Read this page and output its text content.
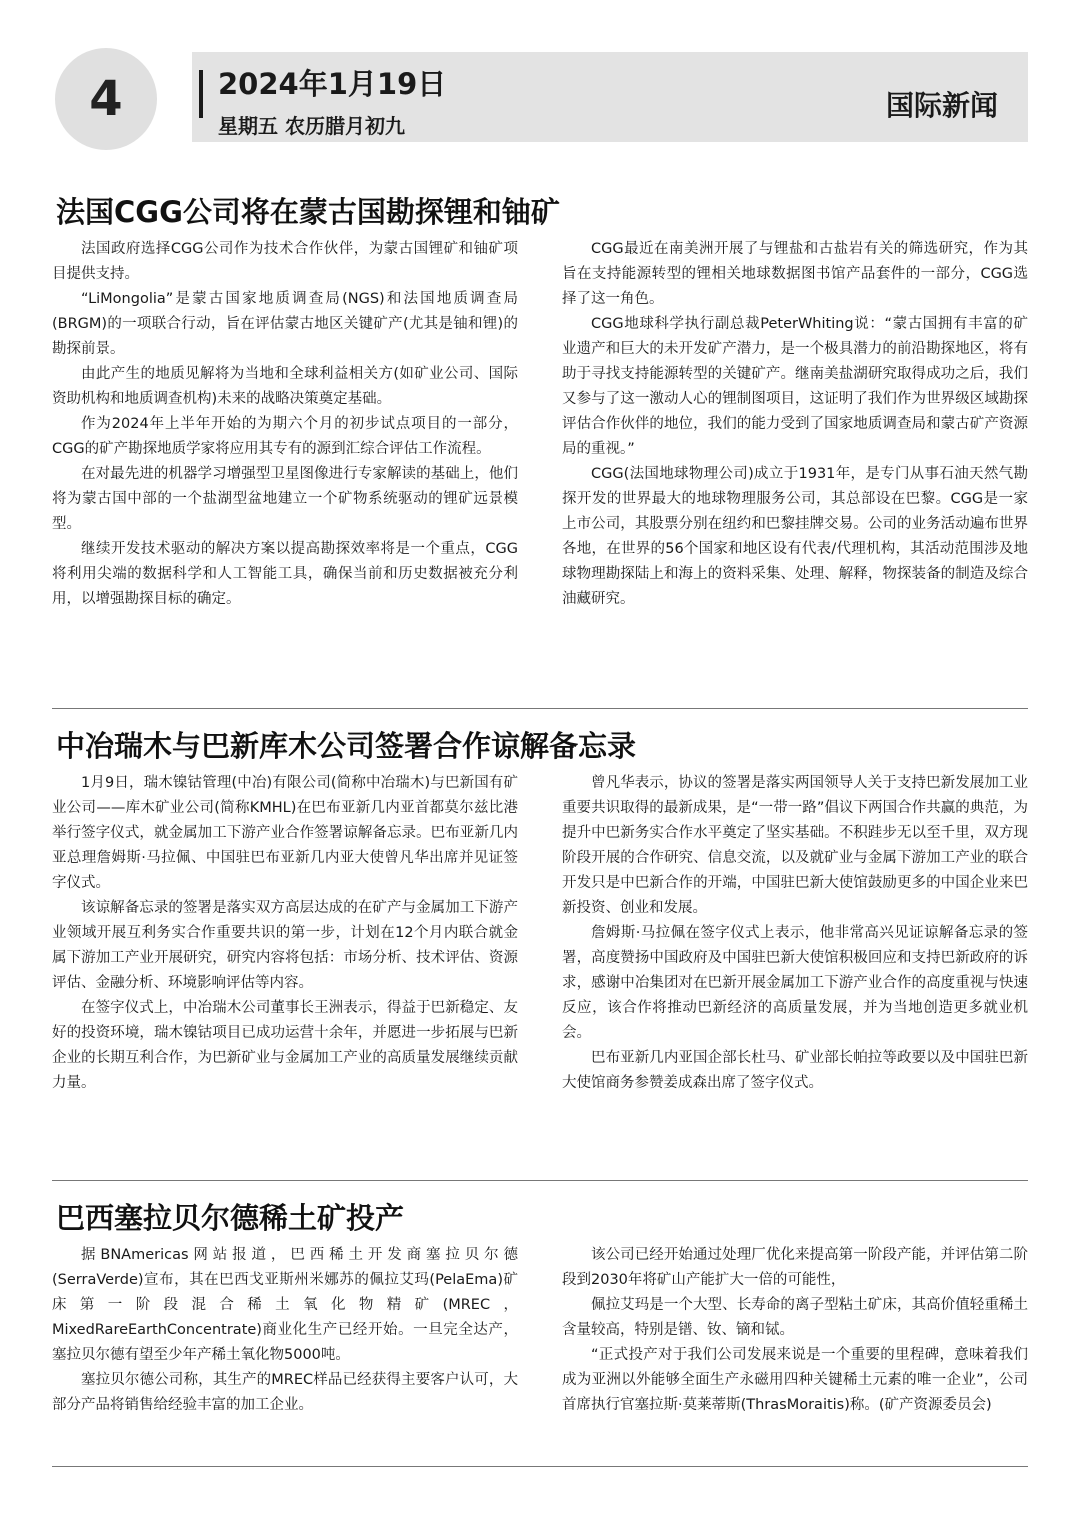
4	2024年1月19日
星期五 农历腊月初九
国际新闻
法国CGG公司将在蒙古国勘探锂和铀矿

法国政府选择CGG公司作为技术合作伙伴，为蒙古国锂矿和铀矿项目提供支持。

“LiMongolia”是蒙古国家地质调查局(NGS)和法国地质调查局(BRGM)的一项联合行动，旨在评估蒙古地区关键矿产(尤其是铀和锂)的勘探前景。

由此产生的地质见解将为当地和全球利益相关方(如矿业公司、国际资助机构和地质调查机构)未来的战略决策奠定基础。

作为2024年上半年开始的为期六个月的初步试点项目的一部分，CGG的矿产勘探地质学家将应用其专有的源到汇综合评估工作流程。

在对最先进的机器学习增强型卫星图像进行专家解读的基础上，他们将为蒙古国中部的一个盐湖型盆地建立一个矿物系统驱动的锂矿远景模型。

继续开发技术驱动的解决方案以提高勘探效率将是一个重点，CGG将利用尖端的数据科学和人工智能工具，确保当前和历史数据被充分利用，以增强勘探目标的确定。

CGG最近在南美洲开展了与锂盐和古盐岩有关的筛选研究，作为其旨在支持能源转型的锂相关地球数据图书馆产品套件的一部分，CGG选择了这一角色。

CGG地球科学执行副总裁PeterWhiting说：“蒙古国拥有丰富的矿业遗产和巨大的未开发矿产潜力，是一个极具潜力的前沿勘探地区，将有助于寻找支持能源转型的关键矿产。继南美盐湖研究取得成功之后，我们又参与了这一激动人心的锂制图项目，这证明了我们作为世界级区域勘探评估合作伙伴的地位，我们的能力受到了国家地质调查局和蒙古矿产资源局的重视。”

CGG(法国地球物理公司)成立于1931年，是专门从事石油天然气勘探开发的世界最大的地球物理服务公司，其总部设在巴黎。CGG是一家上市公司，其股票分别在纽约和巴黎挂牌交易。公司的业务活动遍布世界各地，在世界的56个国家和地区设有代表/代理机构，其活动范围涉及地球物理勘探陆上和海上的资料采集、处理、解释，物探装备的制造及综合油藏研究。

中冶瑞木与巴新库木公司签署合作谅解备忘录

1月9日，瑞木镍钴管理(中冶)有限公司(简称中冶瑞木)与巴新国有矿业公司——库木矿业公司(简称KMHL)在巴布亚新几内亚首都莫尔兹比港举行签字仪式，就金属加工下游产业合作签署谅解备忘录。巴布亚新几内亚总理詹姆斯·马拉佩、中国驻巴布亚新几内亚大使曾凡华出席并见证签字仪式。

该谅解备忘录的签署是落实双方高层达成的在矿产与金属加工下游产业领域开展互利务实合作重要共识的第一步，计划在12个月内联合就金属下游加工产业开展研究，研究内容将包括：市场分析、技术评估、资源评估、金融分析、环境影响评估等内容。

在签字仪式上，中冶瑞木公司董事长王洲表示，得益于巴新稳定、友好的投资环境，瑞木镍钴项目已成功运营十余年，并愿进一步拓展与巴新企业的长期互利合作，为巴新矿业与金属加工产业的高质量发展继续贡献力量。

曾凡华表示，协议的签署是落实两国领导人关于支持巴新发展加工业重要共识取得的最新成果，是“一带一路”倡议下两国合作共赢的典范，为提升中巴新务实合作水平奠定了坚实基础。不积跬步无以至千里，双方现阶段开展的合作研究、信息交流，以及就矿业与金属下游加工产业的联合开发只是中巴新合作的开端，中国驻巴新大使馆鼓励更多的中国企业来巴新投资、创业和发展。

詹姆斯·马拉佩在签字仪式上表示，他非常高兴见证谅解备忘录的签署，高度赞扬中国政府及中国驻巴新大使馆积极回应和支持巴新政府的诉求，感谢中冶集团对在巴新开展金属加工下游产业合作的高度重视与快速反应，该合作将推动巴新经济的高质量发展，并为当地创造更多就业机会。

巴布亚新几内亚国企部长杜马、矿业部长帕拉等政要以及中国驻巴新大使馆商务参赞姜成森出席了签字仪式。

巴西塞拉贝尔德稀土矿投产

据BNAmericas网站报道，巴西稀土开发商塞拉贝尔德(SerraVerde)宣布，其在巴西戈亚斯州米娜苏的佩拉艾玛(PelaEma)矿床第一阶段混合稀土氧化物精矿(MREC，MixedRareEarthConcentrate)商业化生产已经开始。一旦完全达产，塞拉贝尔德有望至少年产稀土氧化物5000吨。

塞拉贝尔德公司称，其生产的MREC样品已经获得主要客户认可，大部分产品将销售给经验丰富的加工企业。

该公司已经开始通过处理厂优化来提高第一阶段产能，并评估第二阶段到2030年将矿山产能扩大一倍的可能性，

佩拉艾玛是一个大型、长寿命的离子型粘土矿床，其高价值轻重稀土含量较高，特别是镨、钕、镝和铽。

“正式投产对于我们公司发展来说是一个重要的里程碑，意味着我们成为亚洲以外能够全面生产永磁用四种关键稀土元素的唯一企业”，公司首席执行官塞拉斯·莫莱蒂斯(ThrasMoraitis)称。(矿产资源委员会)
